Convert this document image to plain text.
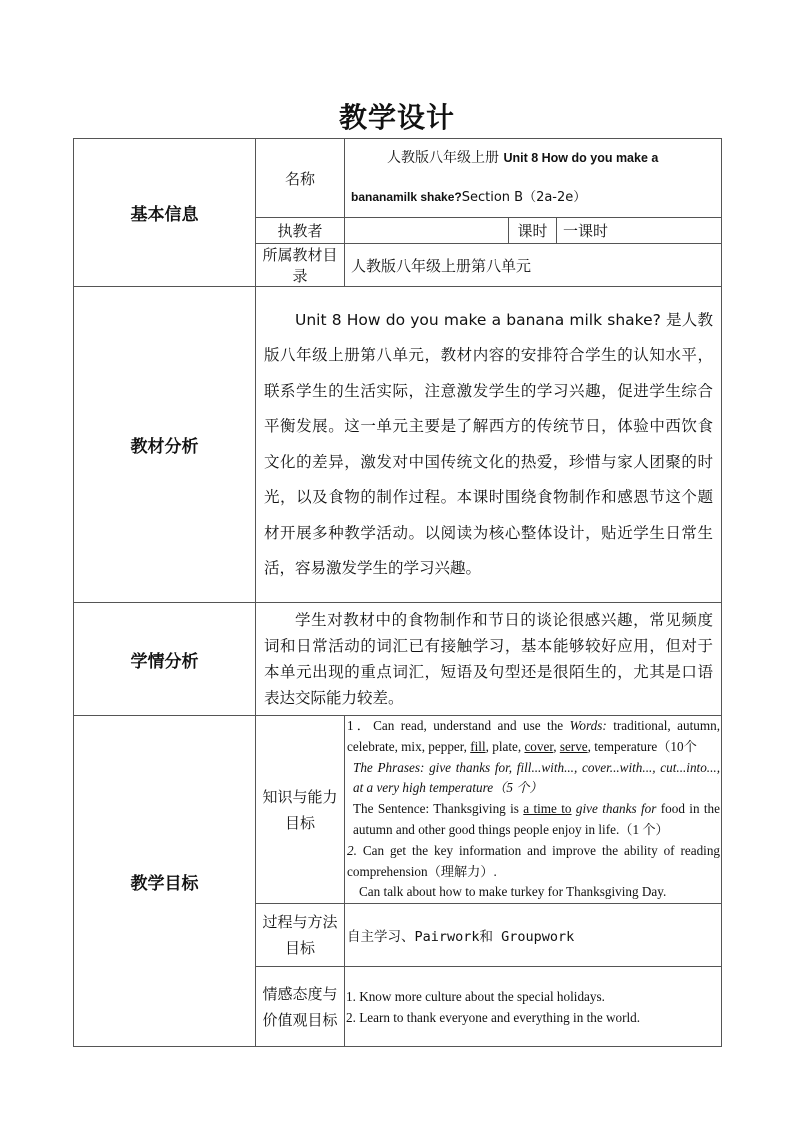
教学设计
基本信息	名称	人教版八年级上册 Unit 8 How do you make a
bananamilk shake?Section B（2a-2e）		

	执教者		课时	一课时
	所属教材目录	人教版八年级上册第八单元		
教材分析	Unit 8 How do you make a banana milk shake? 是人教版八年级上册第八单元，教材内容的安排符合学生的认知水平，联系学生的生活实际，注意激发学生的学习兴趣，促进学生综合平衡发展。这一单元主要是了解西方的传统节日，体验中西饮食文化的差异，激发对中国传统文化的热爱，珍惜与家人团聚的时光，以及食物的制作过程。本课时围绕食物制作和感恩节这个题材开展多种教学活动。以阅读为核心整体设计，贴近学生日常生活，容易激发学生的学习兴趣。			
学情分析	学生对教材中的食物制作和节日的谈论很感兴趣，常见频度词和日常活动的词汇已有接触学习，基本能够较好应用，但对于本单元出现的重点词汇，短语及句型还是很陌生的，尤其是口语表达交际能力较差。			
教学目标	知识与能力目标	1．Can read, understand and use the Words: traditional, autumn, celebrate, mix, pepper, fill, plate, cover, serve, temperature（10个

The Phrases: give thanks for, fill...with..., cover...with..., cut...into..., at a very high temperature（5 个）

The Sentence: Thanksgiving is a time to give thanks for food in the autumn and other good things people enjoy in life.（1 个）

2. Can get the key information and improve the ability of reading comprehension（理解力）.

Can talk about how to make turkey for Thanksgiving Day.		

	过程与方法目标	自主学习、Pairwork和 Groupwork		
	情感态度与价值观目标	1. Know more culture about the special holidays.
2. Learn to thank everyone and everything in the world.		
